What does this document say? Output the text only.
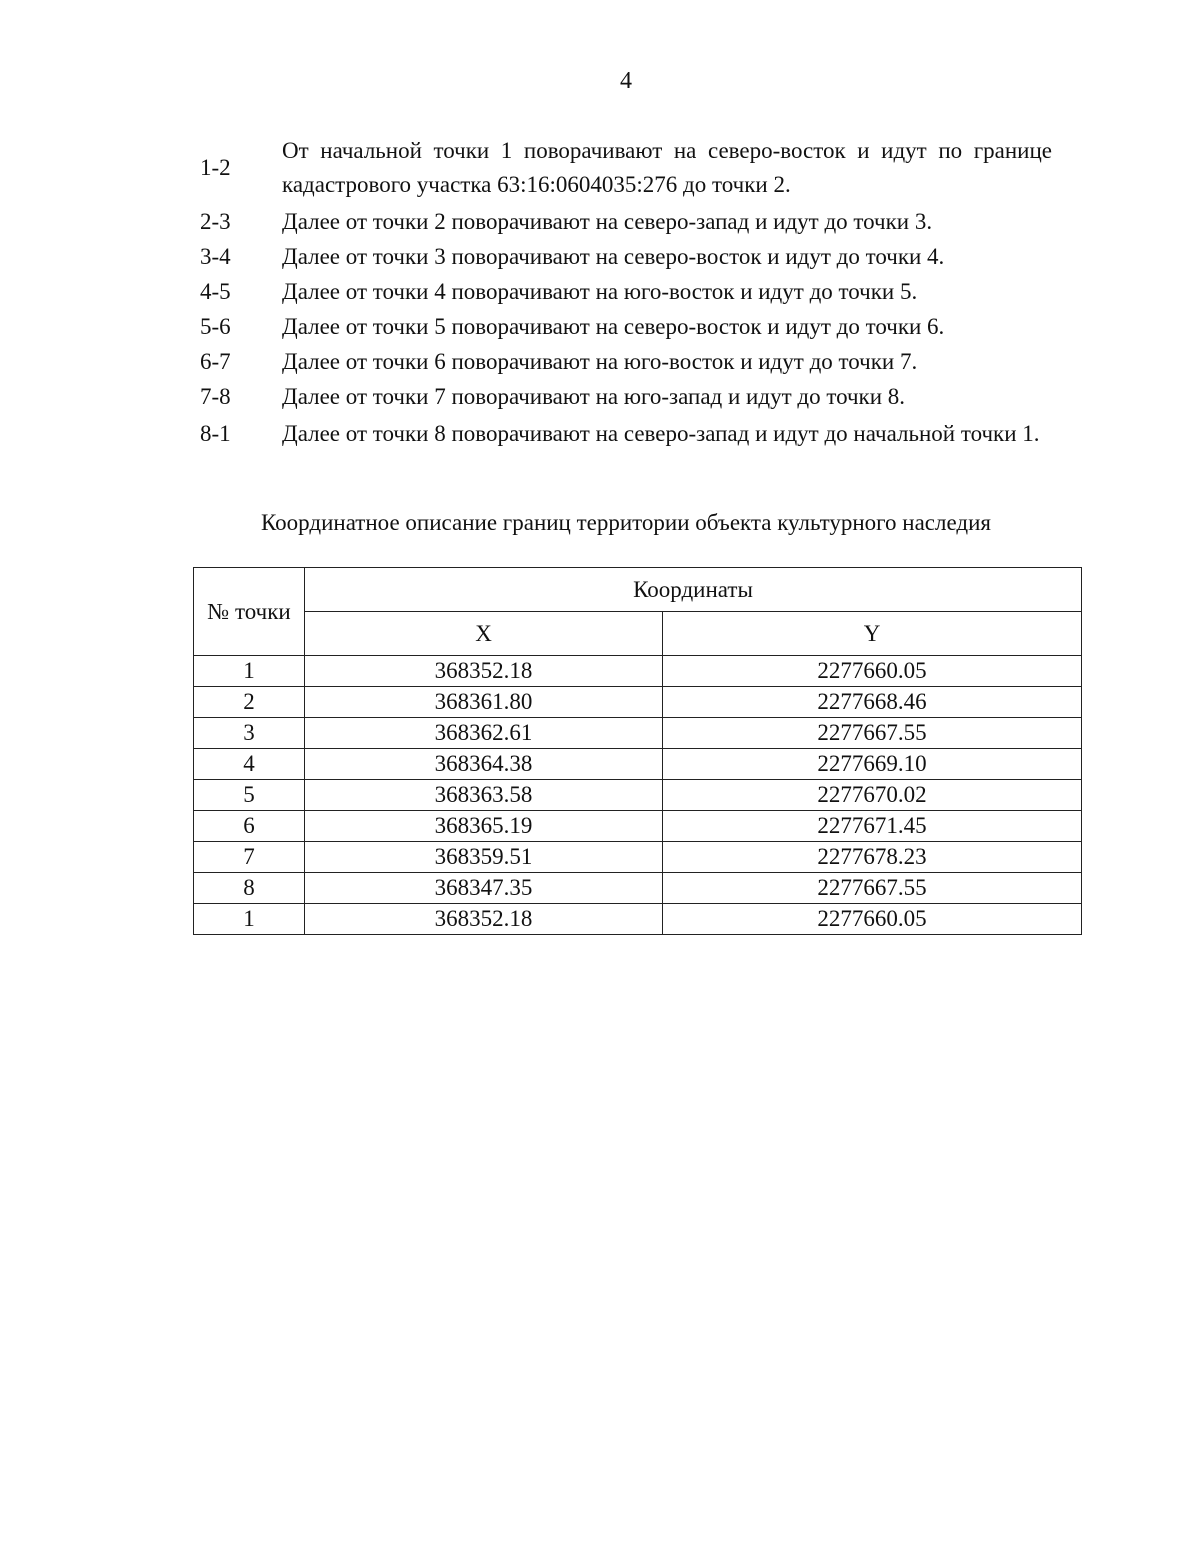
4
1-2
От начальной точки 1 поворачивают на северо-восток и идут по границе кадастрового участка 63:16:0604035:276 до точки 2.
2-3	Далее от точки 2 поворачивают на северо-запад и идут до точки 3.
3-4	Далее от точки 3 поворачивают на северо-восток и идут до точки 4.
4-5	Далее от точки 4 поворачивают на юго-восток и идут до точки 5.
5-6	Далее от точки 5 поворачивают на северо-восток и идут до точки 6.
6-7	Далее от точки 6 поворачивают на юго-восток и идут до точки 7.
7-8	Далее от точки 7 поворачивают на юго-запад и идут до точки 8.
8-1	Далее от точки 8 поворачивают на северо-запад и идут до начальной точки 1.
Координатное описание границ территории объекта культурного наследия
№ точки	Координаты	
	X	Y
1	368352.18	2277660.05
2	368361.80	2277668.46
3	368362.61	2277667.55
4	368364.38	2277669.10
5	368363.58	2277670.02
6	368365.19	2277671.45
7	368359.51	2277678.23
8	368347.35	2277667.55
1	368352.18	2277660.05
